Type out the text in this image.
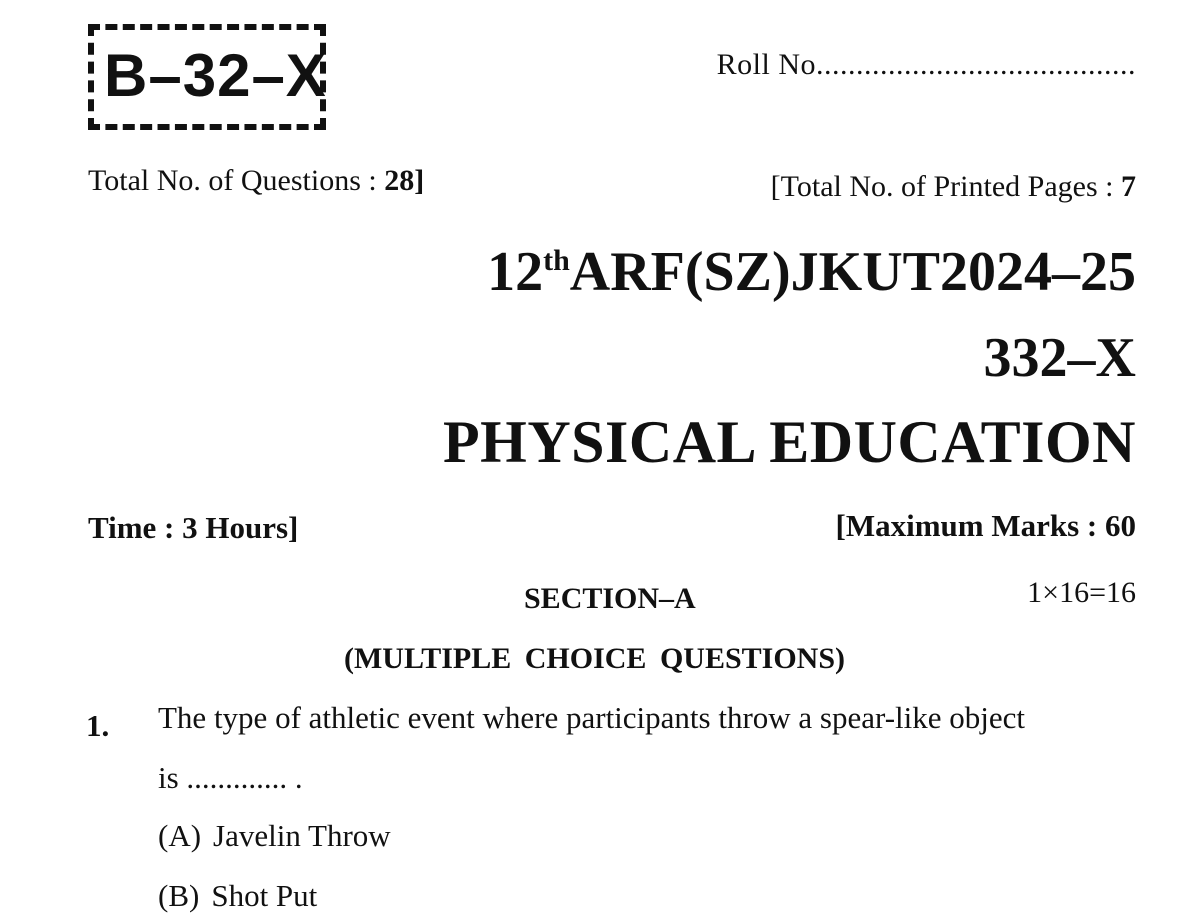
B–32–X	Roll No........................................
Total No. of Questions : 28]	[Total No. of Printed Pages : 7
12thARF(SZ)JKUT2024–25
332–X
PHYSICAL EDUCATION
Time : 3 Hours]	[Maximum Marks : 60
SECTION–A	1×16=16
(MULTIPLE CHOICE QUESTIONS)
1. The type of athletic event where participants throw a spear-like object
is ............. .
(A) Javelin Throw
(B) Shot Put
